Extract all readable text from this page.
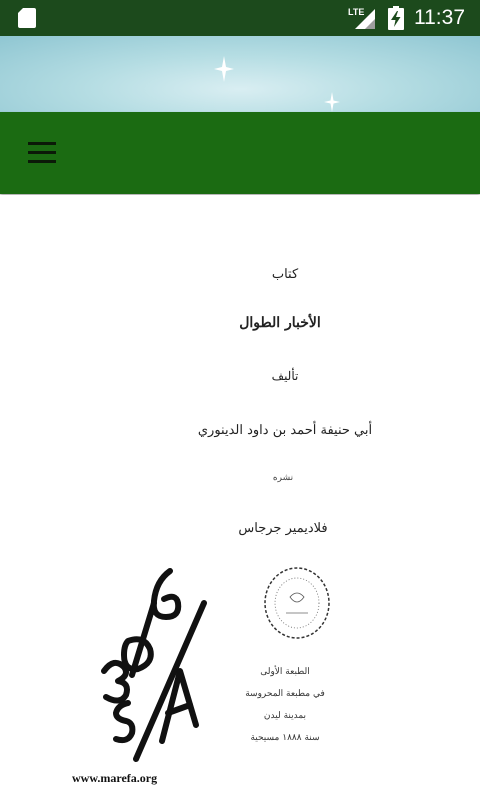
LTE 11:37
كتاب
الأخبار الطوال
تأليف
أبي حنيفة أحمد بن داود الدينوري
نشره
فلاديمير جرجاس
الطبعة الأولى
في مطبعة المحروسة
بمدينة ليدن
سنة ١٨٨٨ مسيحية
www.marefa.org
